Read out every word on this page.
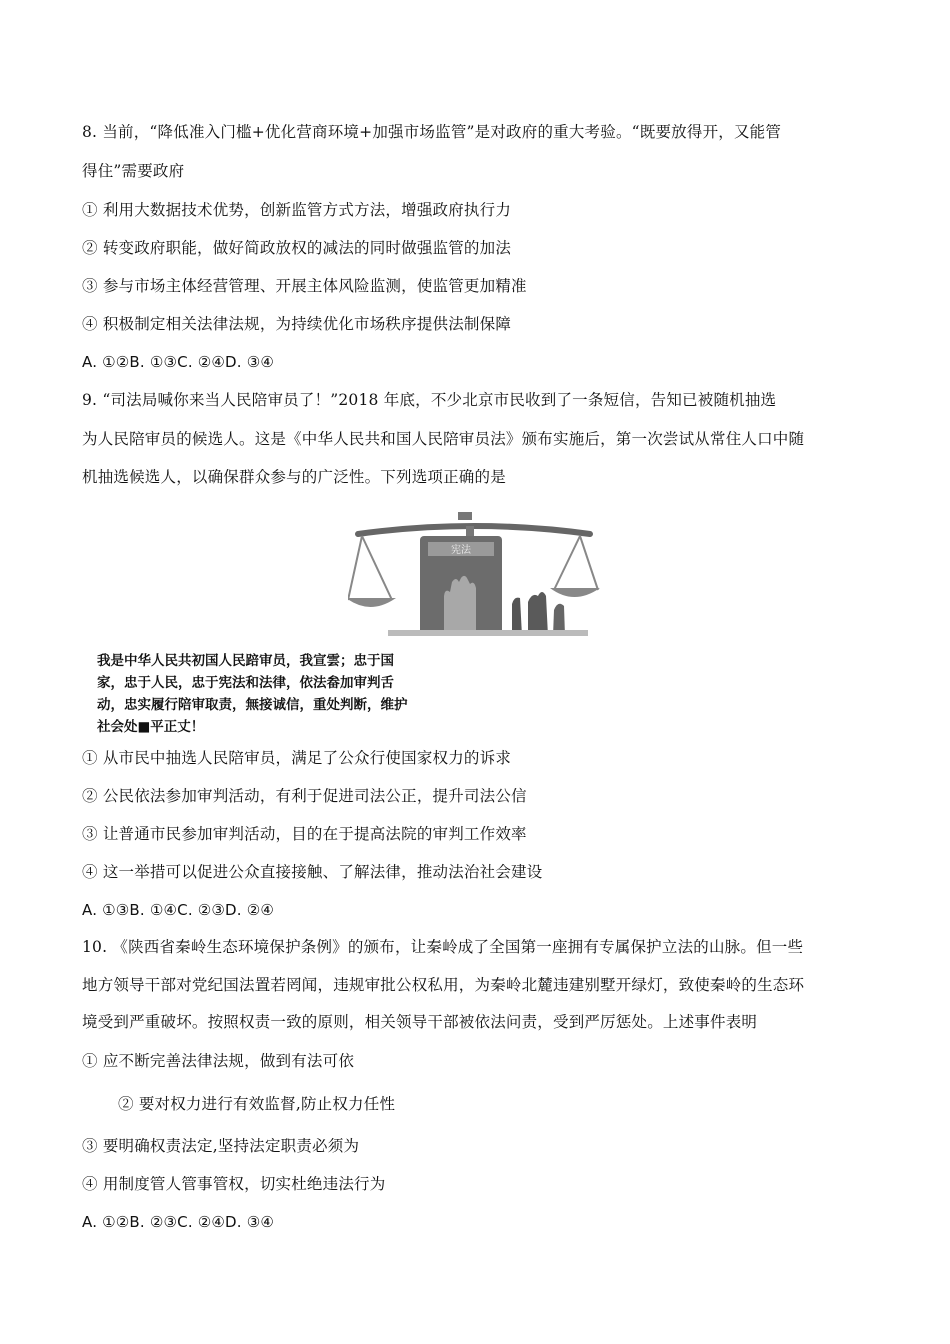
8. 当前，“降低准入门槛+优化营商环境+加强市场监管”是对政府的重大考验。“既要放得开，又能管
得住”需要政府
① 利用大数据技术优势，创新监管方式方法，增强政府执行力
② 转变政府职能，做好简政放权的减法的同时做强监管的加法
③ 参与市场主体经营管理、开展主体风险监测，使监管更加精准
④ 积极制定相关法律法规，为持续优化市场秩序提供法制保障
A. ①②B. ①③C. ②④D. ③④
9. “司法局喊你来当人民陪审员了！”2018 年底，不少北京市民收到了一条短信，告知已被随机抽选
为人民陪审员的候选人。这是《中华人民共和国人民陪审员法》颁布实施后，第一次尝试从常住人口中随
机抽选候选人，以确保群众参与的广泛性。下列选项正确的是
宪法
我是中华人民共初国人民踣审员，我宣雲；忠于国
家，忠于人民，忠于宪法和法律，依法畚加审判舌
动，忠实履行陪审取责，無接诚信，重处判断，维护
社会处■平正丈！
① 从市民中抽选人民陪审员，满足了公众行使国家权力的诉求
② 公民依法参加审判活动，有利于促进司法公正，提升司法公信
③ 让普通市民参加审判活动，目的在于提高法院的审判工作效率
④ 这一举措可以促进公众直接接触、了解法律，推动法治社会建设
A. ①③B. ①④C. ②③D. ②④
10. 《陕西省秦岭生态环境保护条例》的颁布，让秦岭成了全国第一座拥有专属保护立法的山脉。但一些
地方领导干部对党纪国法置若罔闻，违规审批公权私用，为秦岭北麓违建别墅开绿灯，致使秦岭的生态环
境受到严重破坏。按照权责一致的原则，相关领导干部被依法问责，受到严厉惩处。上述事件表明
① 应不断完善法律法规，做到有法可依
② 要对权力进行有效监督,防止权力任性
③ 要明确权责法定,坚持法定职责必须为
④ 用制度管人管事管权，切实杜绝违法行为
A. ①②B. ②③C. ②④D. ③④
